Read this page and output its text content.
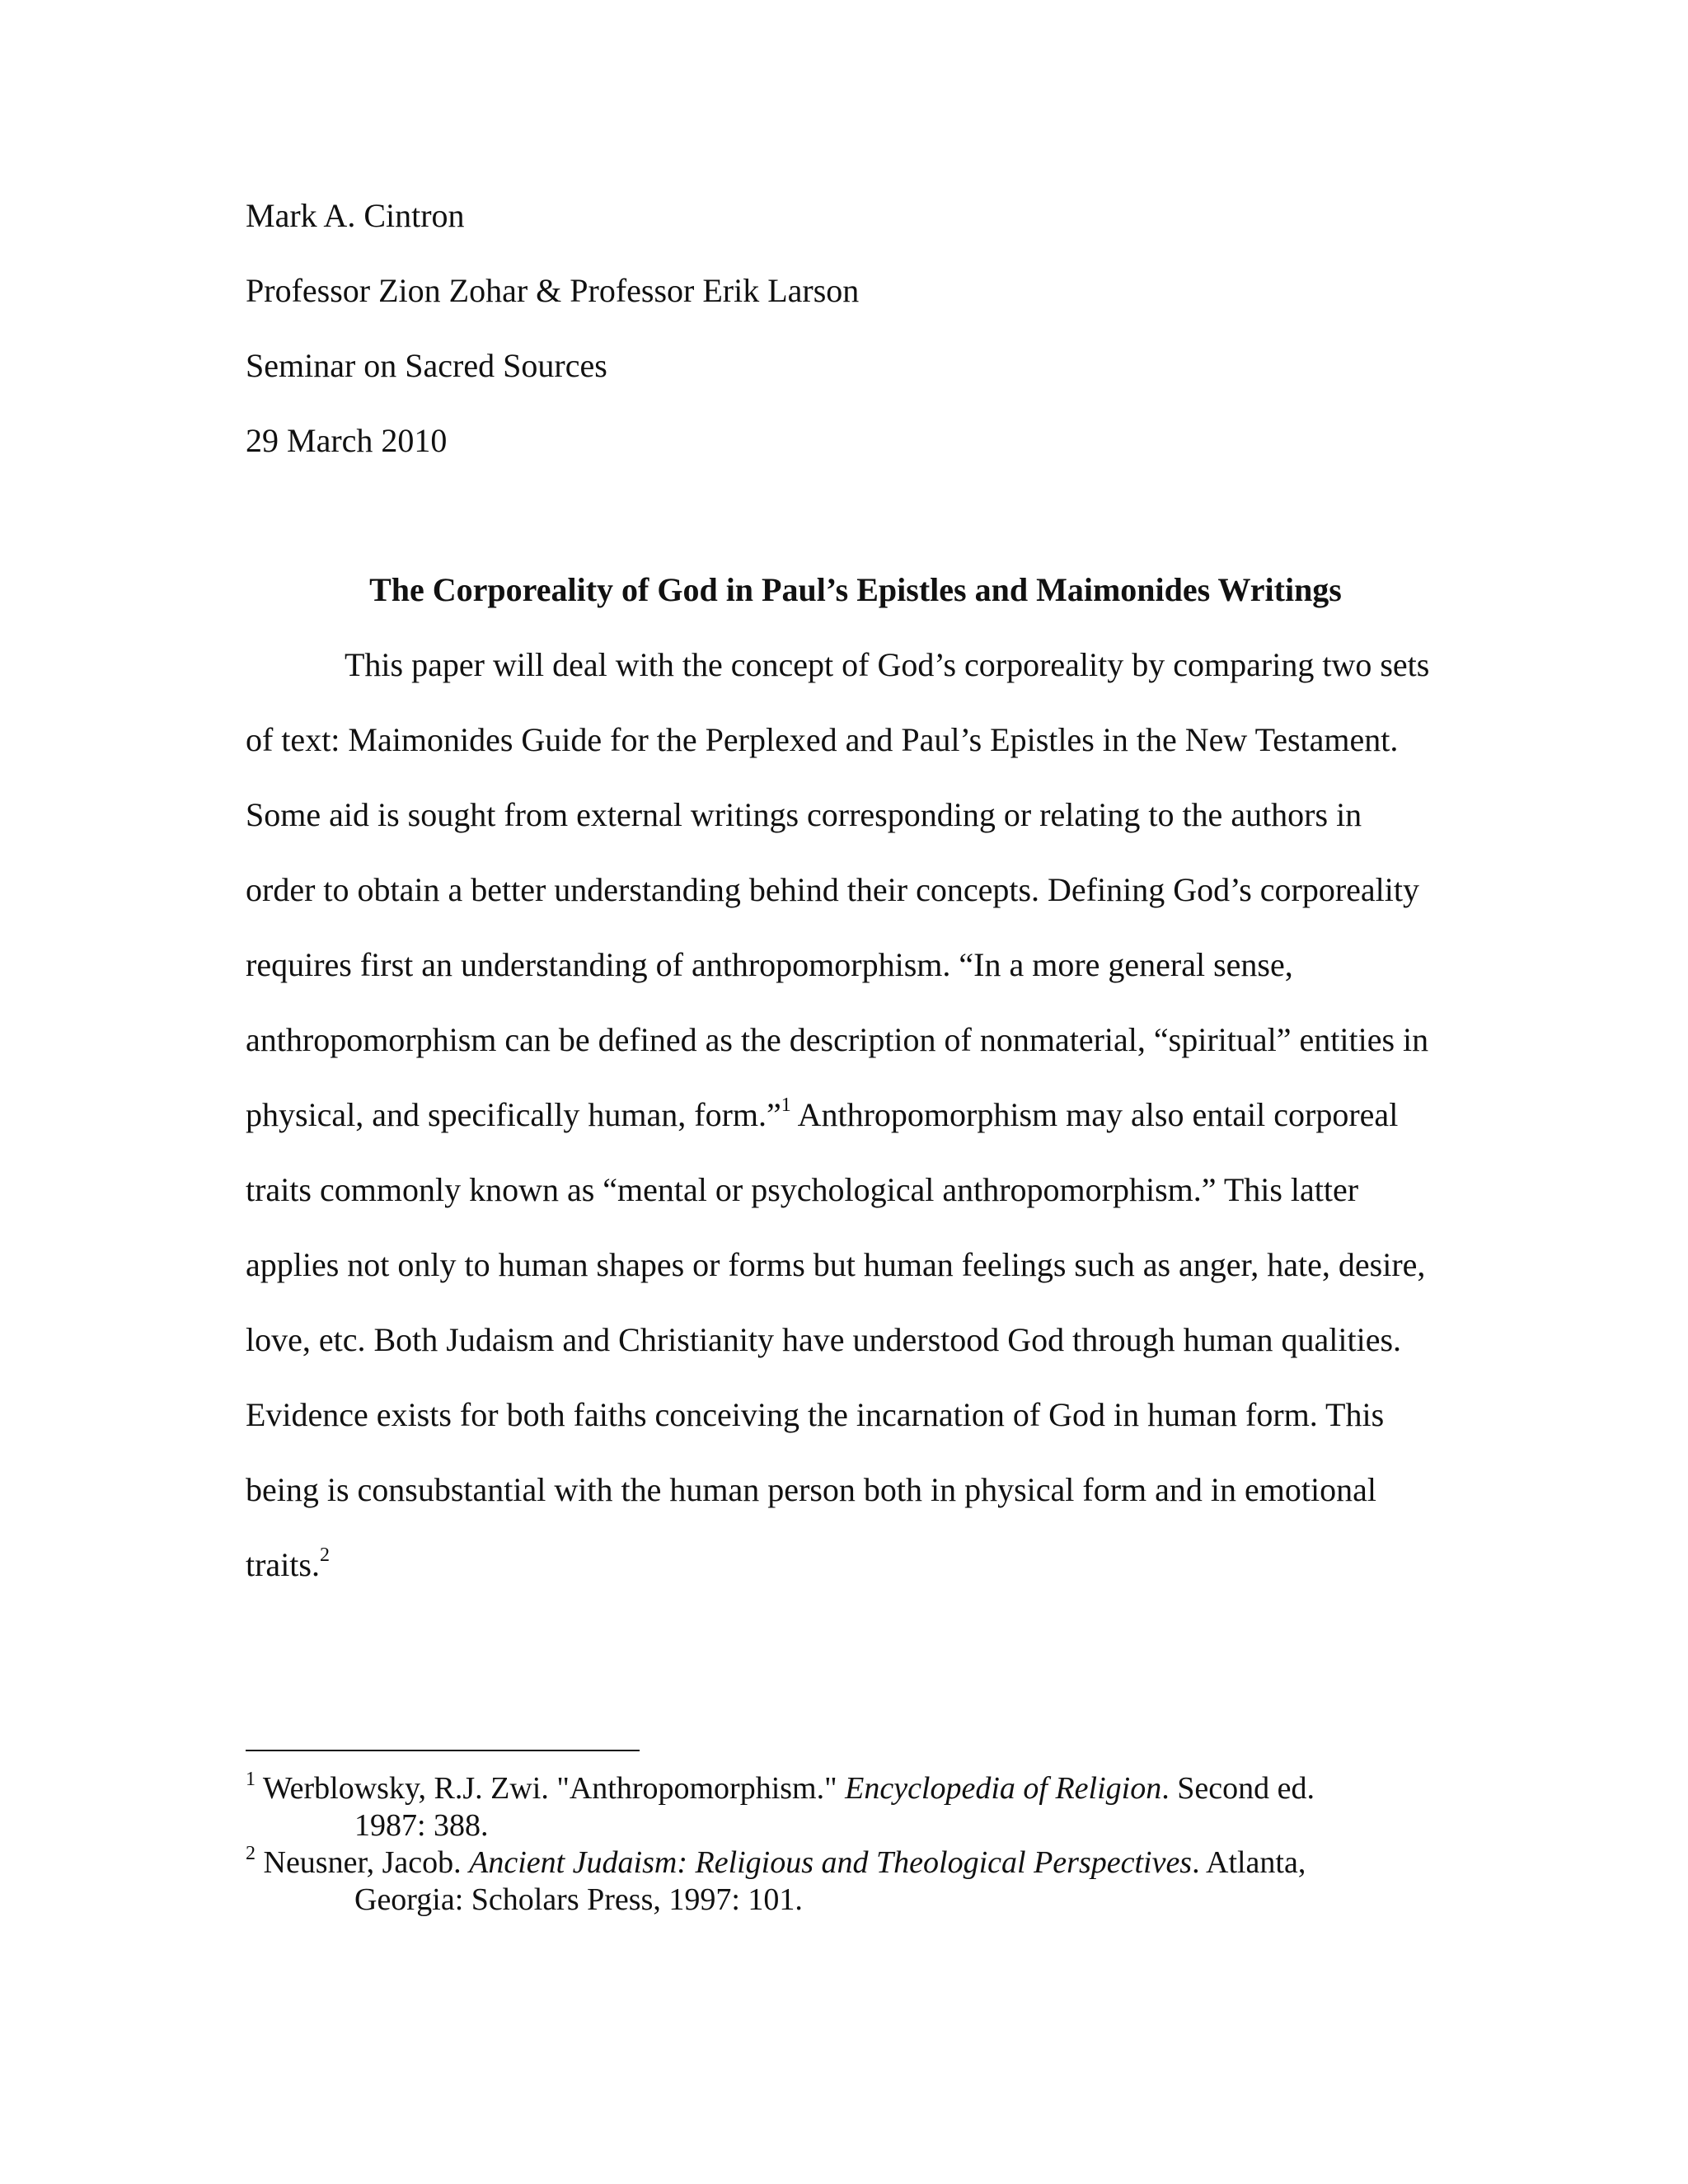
Mark A. Cintron
Professor Zion Zohar & Professor Erik Larson
Seminar on Sacred Sources
29 March 2010
The Corporeality of God in Paul’s Epistles and Maimonides Writings
This paper will deal with the concept of God’s corporeality by comparing two sets
of text: Maimonides Guide for the Perplexed and Paul’s Epistles in the New Testament.
Some aid is sought from external writings corresponding or relating to the authors in
order to obtain a better understanding behind their concepts. Defining God’s corporeality
requires first an understanding of anthropomorphism. “In a more general sense,
anthropomorphism can be defined as the description of nonmaterial, “spiritual” entities in
physical, and specifically human, form.”$^1$ Anthropomorphism may also entail corporeal
traits commonly known as “mental or psychological anthropomorphism.” This latter
applies not only to human shapes or forms but human feelings such as anger, hate, desire,
love, etc. Both Judaism and Christianity have understood God through human qualities.
Evidence exists for both faiths conceiving the incarnation of God in human form. This
being is consubstantial with the human person both in physical form and in emotional
traits.$^2$
$^1$ Werblowsky, R.J. Zwi. "Anthropomorphism." Encyclopedia of Religion. Second ed.
1987: 388.
$^2$ Neusner, Jacob. Ancient Judaism: Religious and Theological Perspectives. Atlanta,
Georgia: Scholars Press, 1997: 101.
